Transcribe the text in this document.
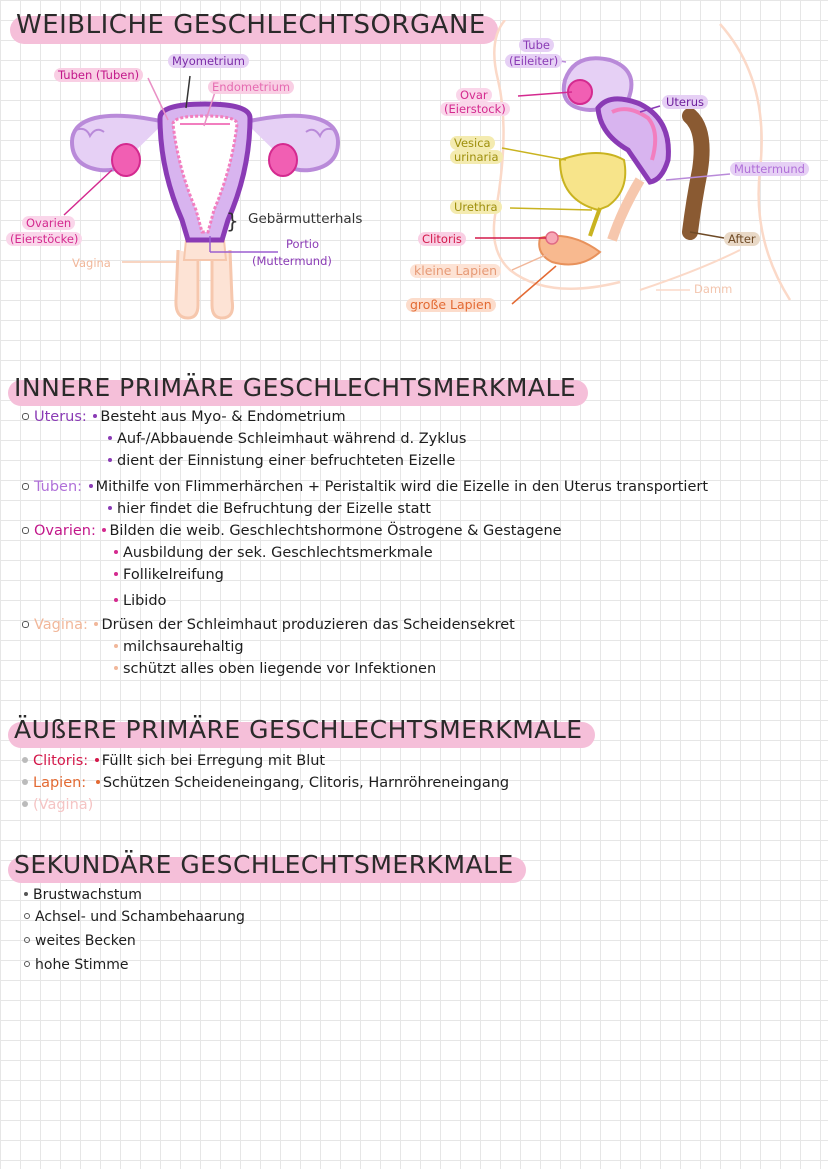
WEIBLICHE GESCHLECHTSORGANE
}
Tuben (Tuben)
Myometrium
Endometrium
Ovarien
(Eierstöcke)
Vagina
Gebärmutterhals
Portio
(Muttermund)
Tube
(Eileiter)
Ovar
(Eierstock)	Uterus
Vesica
urinaria
Muttermund
Urethra
Clitoris	After
kleine Lapien
Damm
große Lapien
INNERE PRIMÄRE GESCHLECHTSMERKMALE
Uterus: Besteht aus Myo- & Endometrium
Auf-/Abbauende Schleimhaut während d. Zyklus
dient der Einnistung einer befruchteten Eizelle
Tuben: Mithilfe von Flimmerhärchen + Peristaltik wird die Eizelle in den Uterus transportiert
hier findet die Befruchtung der Eizelle statt
Ovarien: Bilden die weib. Geschlechtshormone Östrogene & Gestagene
Ausbildung der sek. Geschlechtsmerkmale
Follikelreifung
Libido
Vagina: Drüsen der Schleimhaut produzieren das Scheidensekret
milchsaurehaltig
schützt alles oben liegende vor Infektionen
ÄUßERE PRIMÄRE GESCHLECHTSMERKMALE
Clitoris: Füllt sich bei Erregung mit Blut
Lapien: Schützen Scheideneingang, Clitoris, Harnröhreneingang
(Vagina)
SEKUNDÄRE GESCHLECHTSMERKMALE
Brustwachstum
Achsel- und Schambehaarung
weites Becken
hohe Stimme
